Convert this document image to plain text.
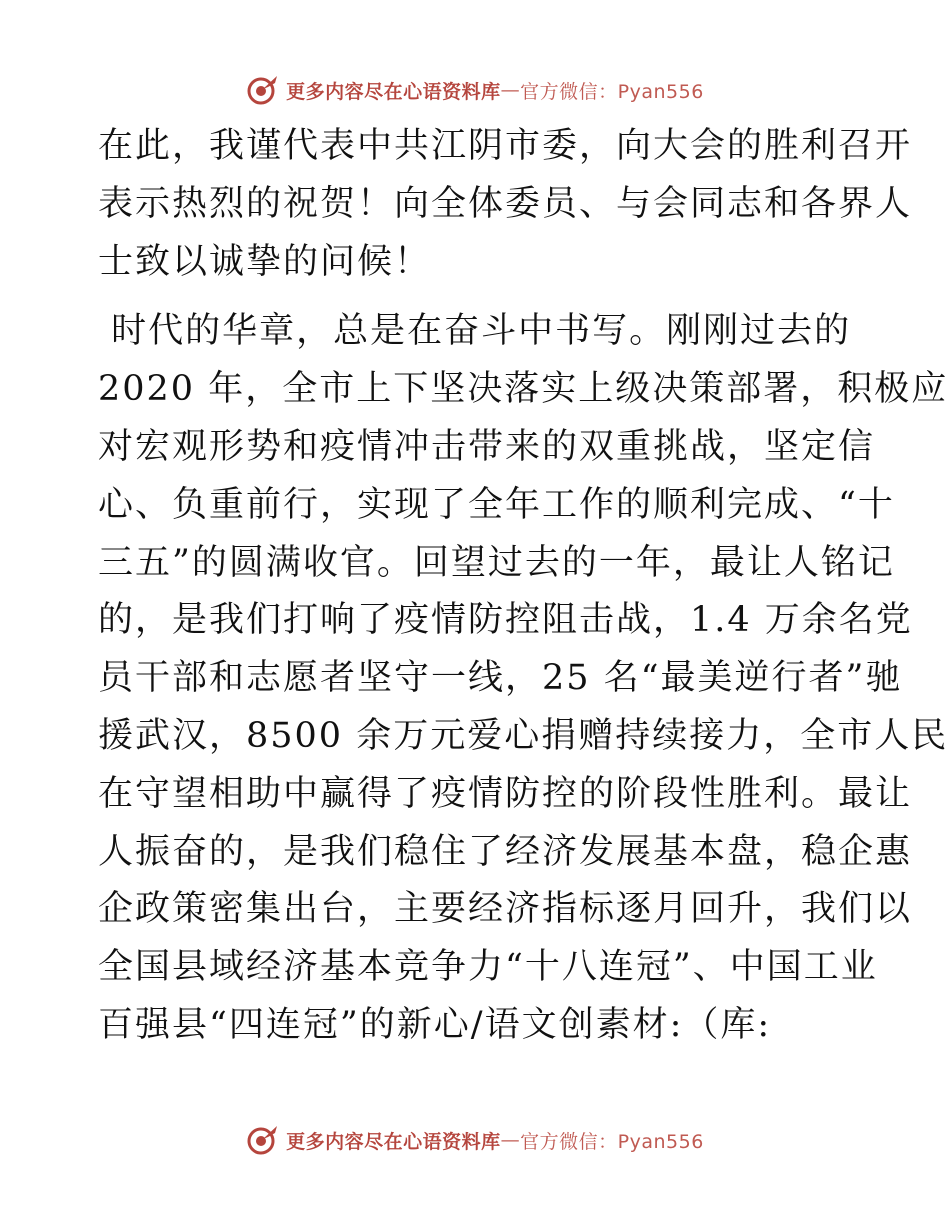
更多内容尽在心语资料库 — 官方微信：Pyan556

在此，我谨代表中共江阴市委，向大会的胜利召开
表示热烈的祝贺！向全体委员、与会同志和各界人
士致以诚挚的问候！

时代的华章，总是在奋斗中书写。刚刚过去的
2020 年，全市上下坚决落实上级决策部署，积极应
对宏观形势和疫情冲击带来的双重挑战，坚定信
心、负重前行，实现了全年工作的顺利完成、“十
三五”的圆满收官。回望过去的一年，最让人铭记
的，是我们打响了疫情防控阻击战，1.4 万余名党
员干部和志愿者坚守一线，25 名“最美逆行者”驰
援武汉，8500 余万元爱心捐赠持续接力，全市人民
在守望相助中赢得了疫情防控的阶段性胜利。最让
人振奋的，是我们稳住了经济发展基本盘，稳企惠
企政策密集出台，主要经济指标逐月回升，我们以
全国县域经济基本竞争力“十八连冠”、中国工业
百强县“四连冠”的新心/语文创素材:（库:

更多内容尽在心语资料库 — 官方微信：Pyan556
